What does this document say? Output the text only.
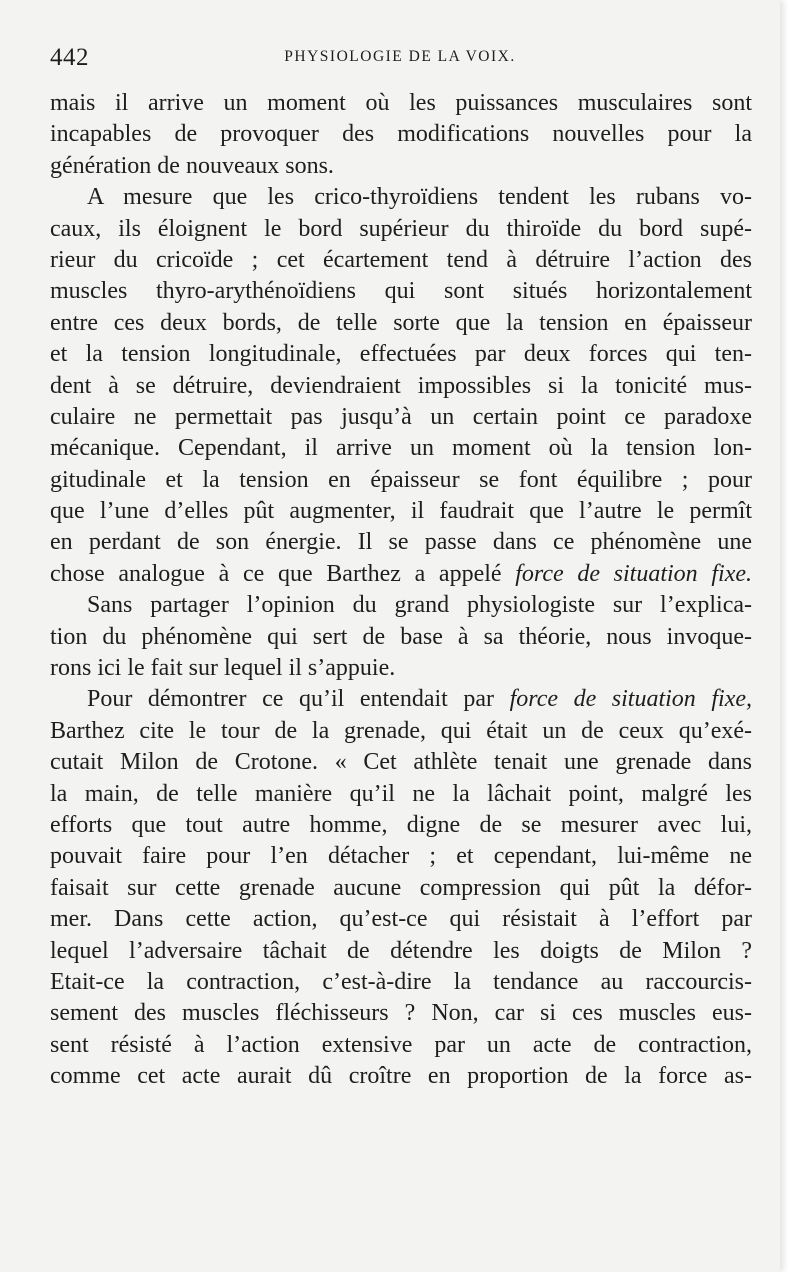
442	PHYSIOLOGIE DE LA VOIX.
mais il arrive un moment où les puissances musculaires sont
incapables de provoquer des modifications nouvelles pour la
génération de nouveaux sons.
A mesure que les crico-thyroïdiens tendent les rubans vo-
caux, ils éloignent le bord supérieur du thiroïde du bord supé-
rieur du cricoïde ; cet écartement tend à détruire l’action des
muscles thyro-arythénoïdiens qui sont situés horizontalement
entre ces deux bords, de telle sorte que la tension en épaisseur
et la tension longitudinale, effectuées par deux forces qui ten-
dent à se détruire, deviendraient impossibles si la tonicité mus-
culaire ne permettait pas jusqu’à un certain point ce paradoxe
mécanique. Cependant, il arrive un moment où la tension lon-
gitudinale et la tension en épaisseur se font équilibre ; pour
que l’une d’elles pût augmenter, il faudrait que l’autre le permît
en perdant de son énergie. Il se passe dans ce phénomène une
chose analogue à ce que Barthez a appelé force de situation fixe.
Sans partager l’opinion du grand physiologiste sur l’explica-
tion du phénomène qui sert de base à sa théorie, nous invoque-
rons ici le fait sur lequel il s’appuie.
Pour démontrer ce qu’il entendait par force de situation fixe,
Barthez cite le tour de la grenade, qui était un de ceux qu’exé-
cutait Milon de Crotone. « Cet athlète tenait une grenade dans
la main, de telle manière qu’il ne la lâchait point, malgré les
efforts que tout autre homme, digne de se mesurer avec lui,
pouvait faire pour l’en détacher ; et cependant, lui-même ne
faisait sur cette grenade aucune compression qui pût la défor-
mer. Dans cette action, qu’est-ce qui résistait à l’effort par
lequel l’adversaire tâchait de détendre les doigts de Milon ?
Etait-ce la contraction, c’est-à-dire la tendance au raccourcis-
sement des muscles fléchisseurs ? Non, car si ces muscles eus-
sent résisté à l’action extensive par un acte de contraction,
comme cet acte aurait dû croître en proportion de la force as-
